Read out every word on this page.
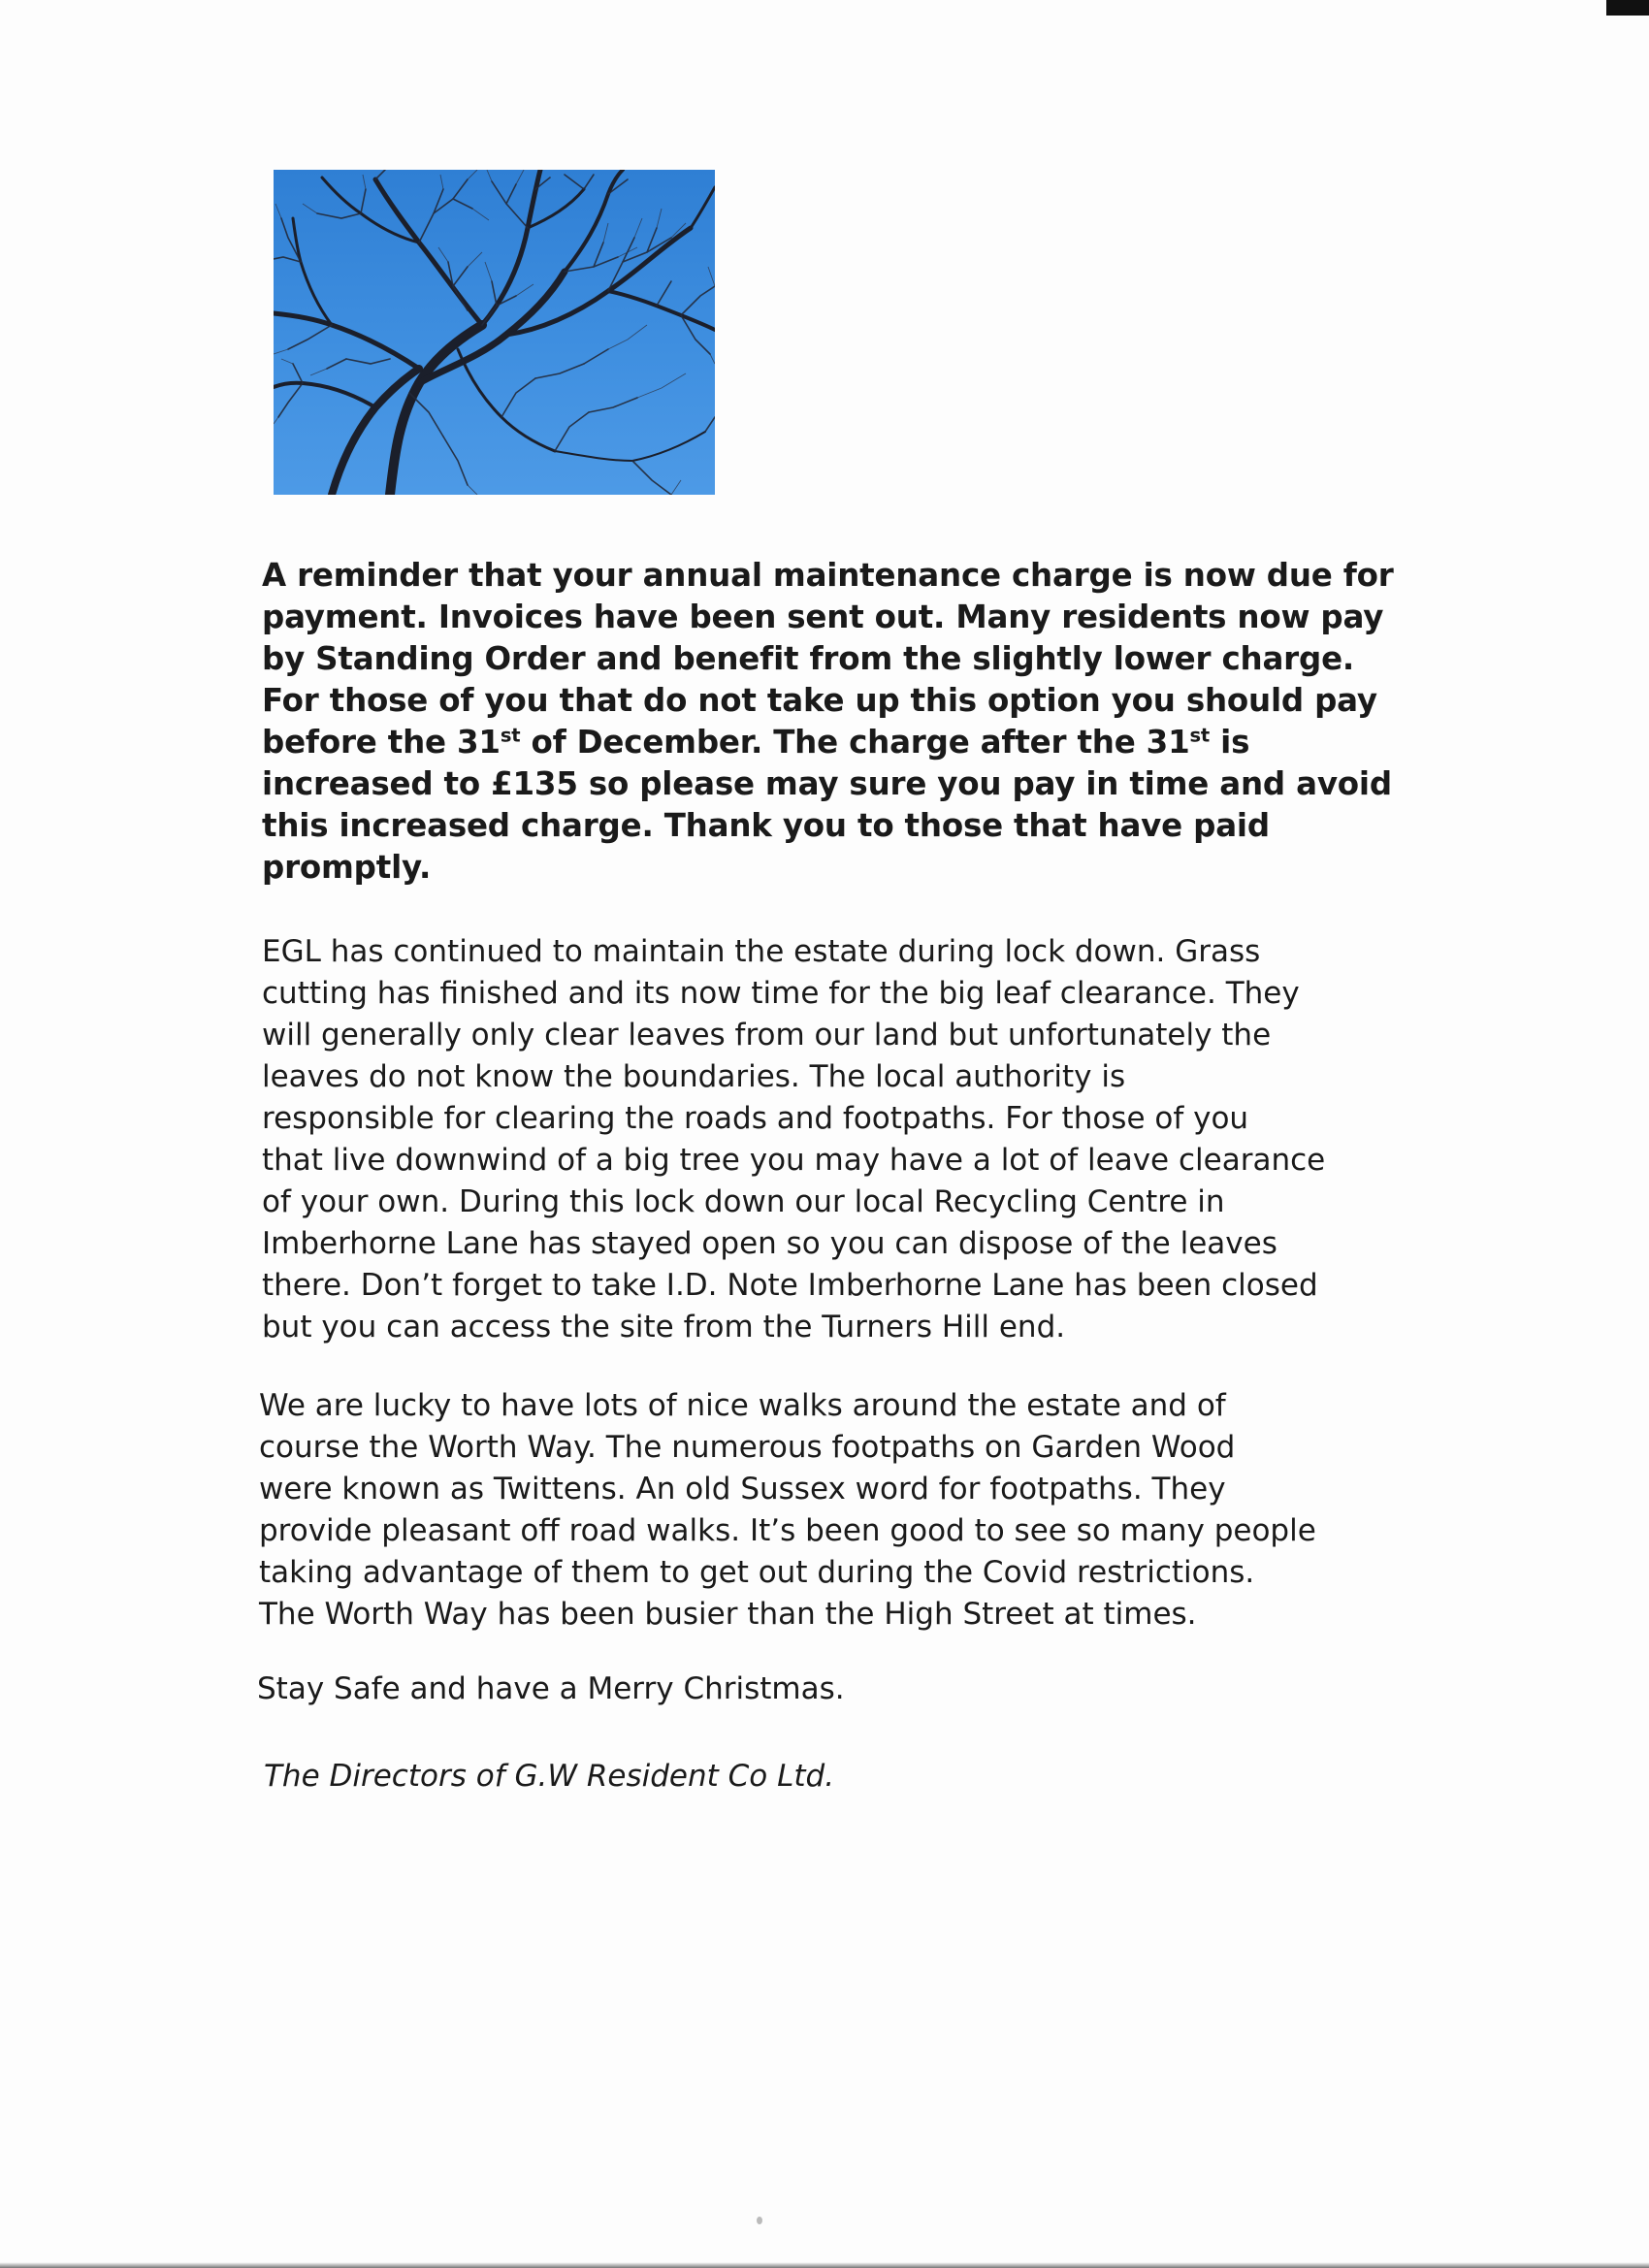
A reminder that your annual maintenance charge is now due for
payment. Invoices have been sent out. Many residents now pay
by Standing Order and benefit from the slightly lower charge.
For those of you that do not take up this option you should pay
before the 31st of December. The charge after the 31st is
increased to £135 so please may sure you pay in time and avoid
this increased charge. Thank you to those that have paid
promptly.
EGL has continued to maintain the estate during lock down. Grass
cutting has finished and its now time for the big leaf clearance. They
will generally only clear leaves from our land but unfortunately the
leaves do not know the boundaries. The local authority is
responsible for clearing the roads and footpaths. For those of you
that live downwind of a big tree you may have a lot of leave clearance
of your own. During this lock down our local Recycling Centre in
Imberhorne Lane has stayed open so you can dispose of the leaves
there. Don’t forget to take I.D. Note Imberhorne Lane has been closed
but you can access the site from the Turners Hill end.
We are lucky to have lots of nice walks around the estate and of
course the Worth Way. The numerous footpaths on Garden Wood
were known as Twittens. An old Sussex word for footpaths. They
provide pleasant off road walks. It’s been good to see so many people
taking advantage of them to get out during the Covid restrictions.
The Worth Way has been busier than the High Street at times.
Stay Safe and have a Merry Christmas.
The Directors of G.W Resident Co Ltd.
